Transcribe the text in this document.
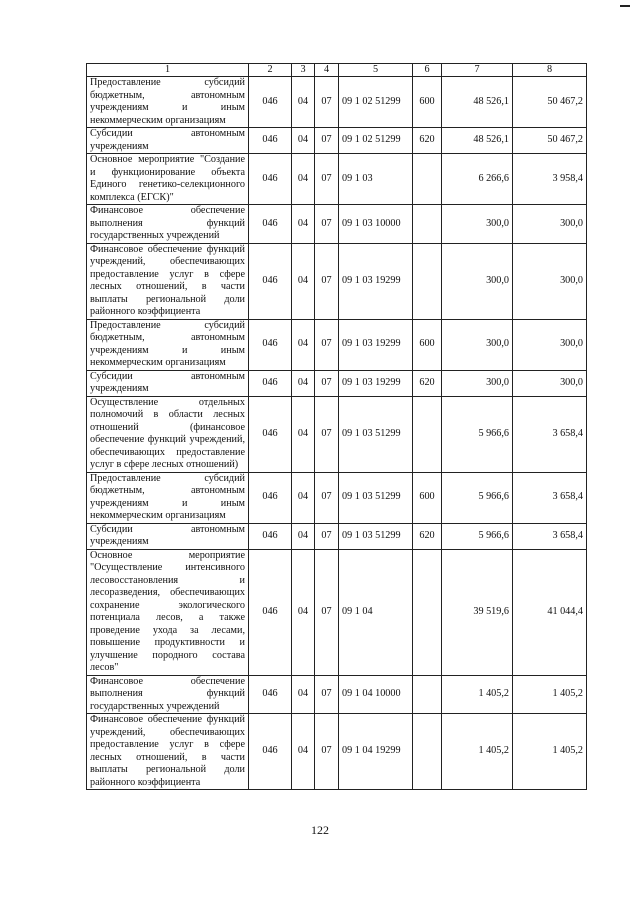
1	2	3	4	5	6	7	8
Предоставление субсидий бюджетным, автономным учреждениям и иным некоммерческим организациям	046	04	07	09 1 02 51299	600	48 526,1	50 467,2
Субсидии автономным учреждениям	046	04	07	09 1 02 51299	620	48 526,1	50 467,2
Основное мероприятие "Создание и функционирование объекта Единого генетико-селекционного комплекса (ЕГСК)"	046	04	07	09 1 03		6 266,6	3 958,4
Финансовое обеспечение выполнения функций государственных учреждений	046	04	07	09 1 03 10000		300,0	300,0
Финансовое обеспечение функций учреждений, обеспечивающих предоставление услуг в сфере лесных отношений, в части выплаты региональной доли районного коэффициента	046	04	07	09 1 03 19299		300,0	300,0
Предоставление субсидий бюджетным, автономным учреждениям и иным некоммерческим организациям	046	04	07	09 1 03 19299	600	300,0	300,0
Субсидии автономным учреждениям	046	04	07	09 1 03 19299	620	300,0	300,0
Осуществление отдельных полномочий в области лесных отношений (финансовое обеспечение функций учреждений, обеспечивающих предоставление услуг в сфере лесных отношений)	046	04	07	09 1 03 51299		5 966,6	3 658,4
Предоставление субсидий бюджетным, автономным учреждениям и иным некоммерческим организациям	046	04	07	09 1 03 51299	600	5 966,6	3 658,4
Субсидии автономным учреждениям	046	04	07	09 1 03 51299	620	5 966,6	3 658,4
Основное мероприятие "Осуществление интенсивного лесовосстановления и лесоразведения, обеспечивающих сохранение экологического потенциала лесов, а также проведение ухода за лесами, повышение продуктивности и улучшение породного состава лесов"	046	04	07	09 1 04		39 519,6	41 044,4
Финансовое обеспечение выполнения функций государственных учреждений	046	04	07	09 1 04 10000		1 405,2	1 405,2
Финансовое обеспечение функций учреждений, обеспечивающих предоставление услуг в сфере лесных отношений, в части выплаты региональной доли районного коэффициента	046	04	07	09 1 04 19299		1 405,2	1 405,2
122
